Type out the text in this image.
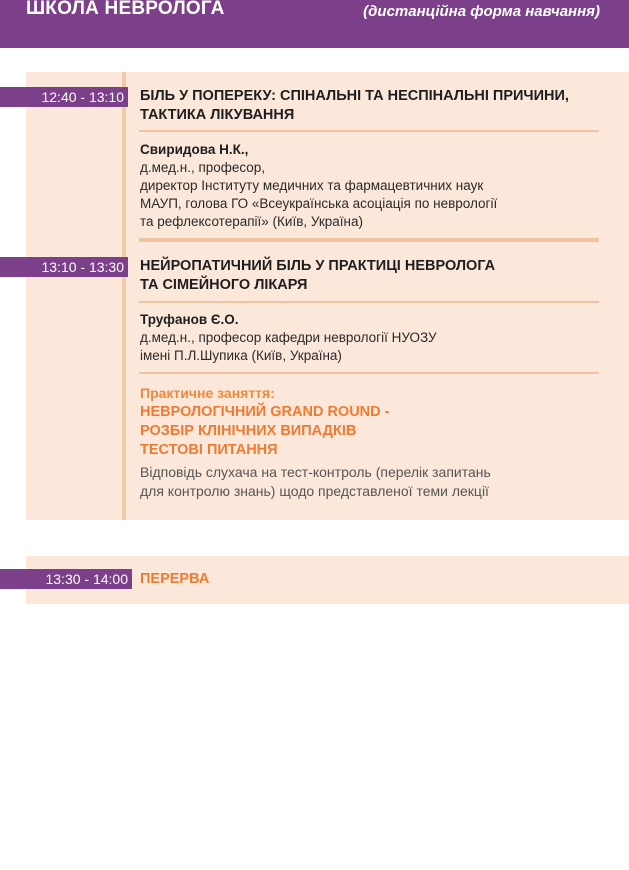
ШКОЛА НЕВРОЛОГА	(дистанційна форма навчання)
12:40 - 13:10 БІЛЬ У ПОПЕРЕКУ: СПІНАЛЬНІ ТА НЕСПІНАЛЬНІ ПРИЧИНИ,
ТАКТИКА ЛІКУВАННЯ
Свиридова Н.К.,
д.мед.н., професор,
директор Інституту медичних та фармацевтичних наук
МАУП, голова ГО «Всеукраїнська асоціація по неврології
та рефлексотерапії» (Київ, Україна)
13:10 - 13:30 НЕЙРОПАТИЧНИЙ БІЛЬ У ПРАКТИЦІ НЕВРОЛОГА
ТА СІМЕЙНОГО ЛІКАРЯ
Труфанов Є.О.
д.мед.н., професор кафедри неврології НУОЗУ
імені П.Л.Шупика (Київ, Україна)
Практичне заняття:
НЕВРОЛОГІЧНИЙ GRAND ROUND -
РОЗБІР КЛІНІЧНИХ ВИПАДКІВ
ТЕСТОВІ ПИТАННЯ
Відповідь слухача на тест-контроль (перелік запитань
для контролю знань) щодо представленої теми лекції
13:30 - 14:00 ПЕРЕРВА
